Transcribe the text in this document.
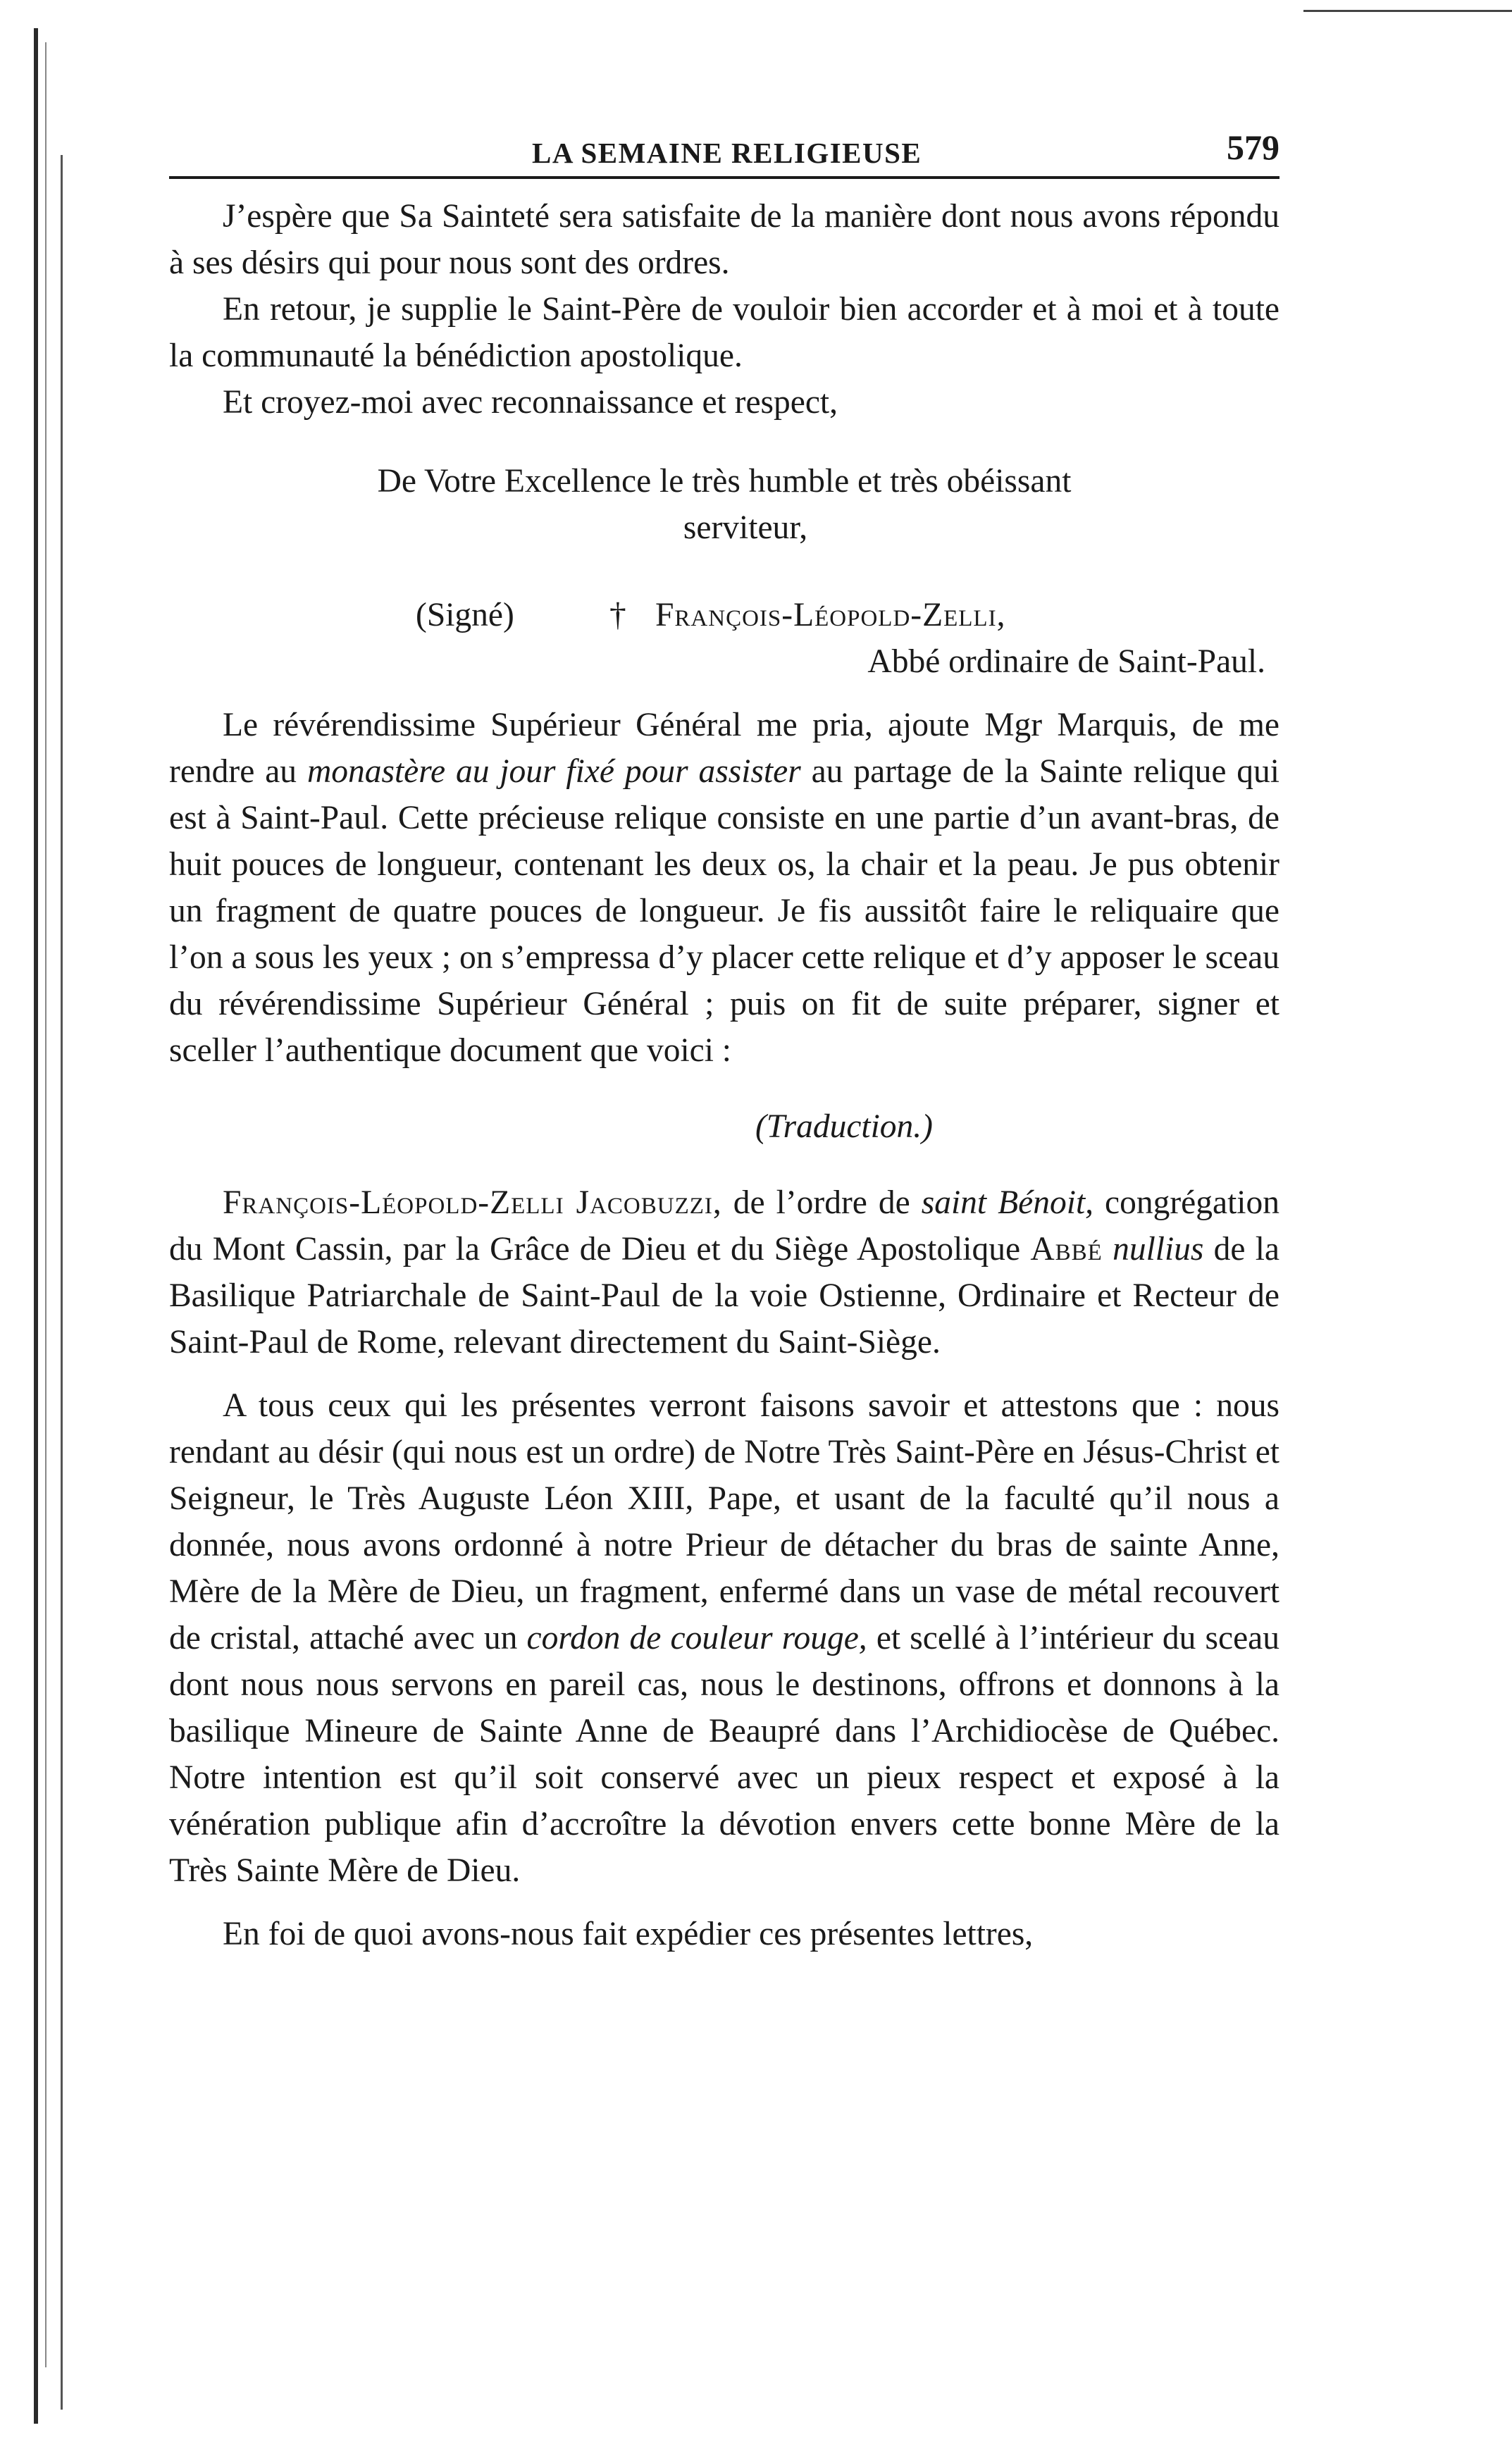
LA SEMAINE RELIGIEUSE	579

J’espère que Sa Sainteté sera satisfaite de la manière dont nous avons répondu à ses désirs qui pour nous sont des ordres.

En retour, je supplie le Saint-Père de vouloir bien accorder et à moi et à toute la communauté la bénédiction apostolique.

Et croyez-moi avec reconnaissance et respect,

De Votre Excellence le très humble et très obéissant

serviteur,

(Signé)	† François-Léopold-Zelli,

Abbé ordinaire de Saint-Paul.

Le révérendissime Supérieur Général me pria, ajoute Mgr Marquis, de me rendre au monastère au jour fixé pour assister au partage de la Sainte relique qui est à Saint-Paul. Cette précieuse relique consiste en une partie d’un avant-bras, de huit pouces de longueur, contenant les deux os, la chair et la peau. Je pus obtenir un fragment de quatre pouces de longueur. Je fis aussitôt faire le reliquaire que l’on a sous les yeux ; on s’empressa d’y placer cette relique et d’y apposer le sceau du révérendissime Supérieur Général ; puis on fit de suite préparer, signer et sceller l’authentique document que voici :

(Traduction.)

François-Léopold-Zelli Jacobuzzi, de l’ordre de saint Bénoit, congrégation du Mont Cassin, par la Grâce de Dieu et du Siège Apostolique Abbé nullius de la Basilique Patriarchale de Saint-Paul de la voie Ostienne, Ordinaire et Recteur de Saint-Paul de Rome, relevant directement du Saint-Siège.

A tous ceux qui les présentes verront faisons savoir et attestons que : nous rendant au désir (qui nous est un ordre) de Notre Très Saint-Père en Jésus-Christ et Seigneur, le Très Auguste Léon XIII, Pape, et usant de la faculté qu’il nous a donnée, nous avons ordonné à notre Prieur de détacher du bras de sainte Anne, Mère de la Mère de Dieu, un fragment, enfermé dans un vase de métal recouvert de cristal, attaché avec un cordon de couleur rouge, et scellé à l’intérieur du sceau dont nous nous servons en pareil cas, nous le destinons, offrons et donnons à la basilique Mineure de Sainte Anne de Beaupré dans l’Archidiocèse de Québec. Notre intention est qu’il soit conservé avec un pieux respect et exposé à la vénération publique afin d’accroître la dévotion envers cette bonne Mère de la Très Sainte Mère de Dieu.

En foi de quoi avons-nous fait expédier ces présentes lettres,
